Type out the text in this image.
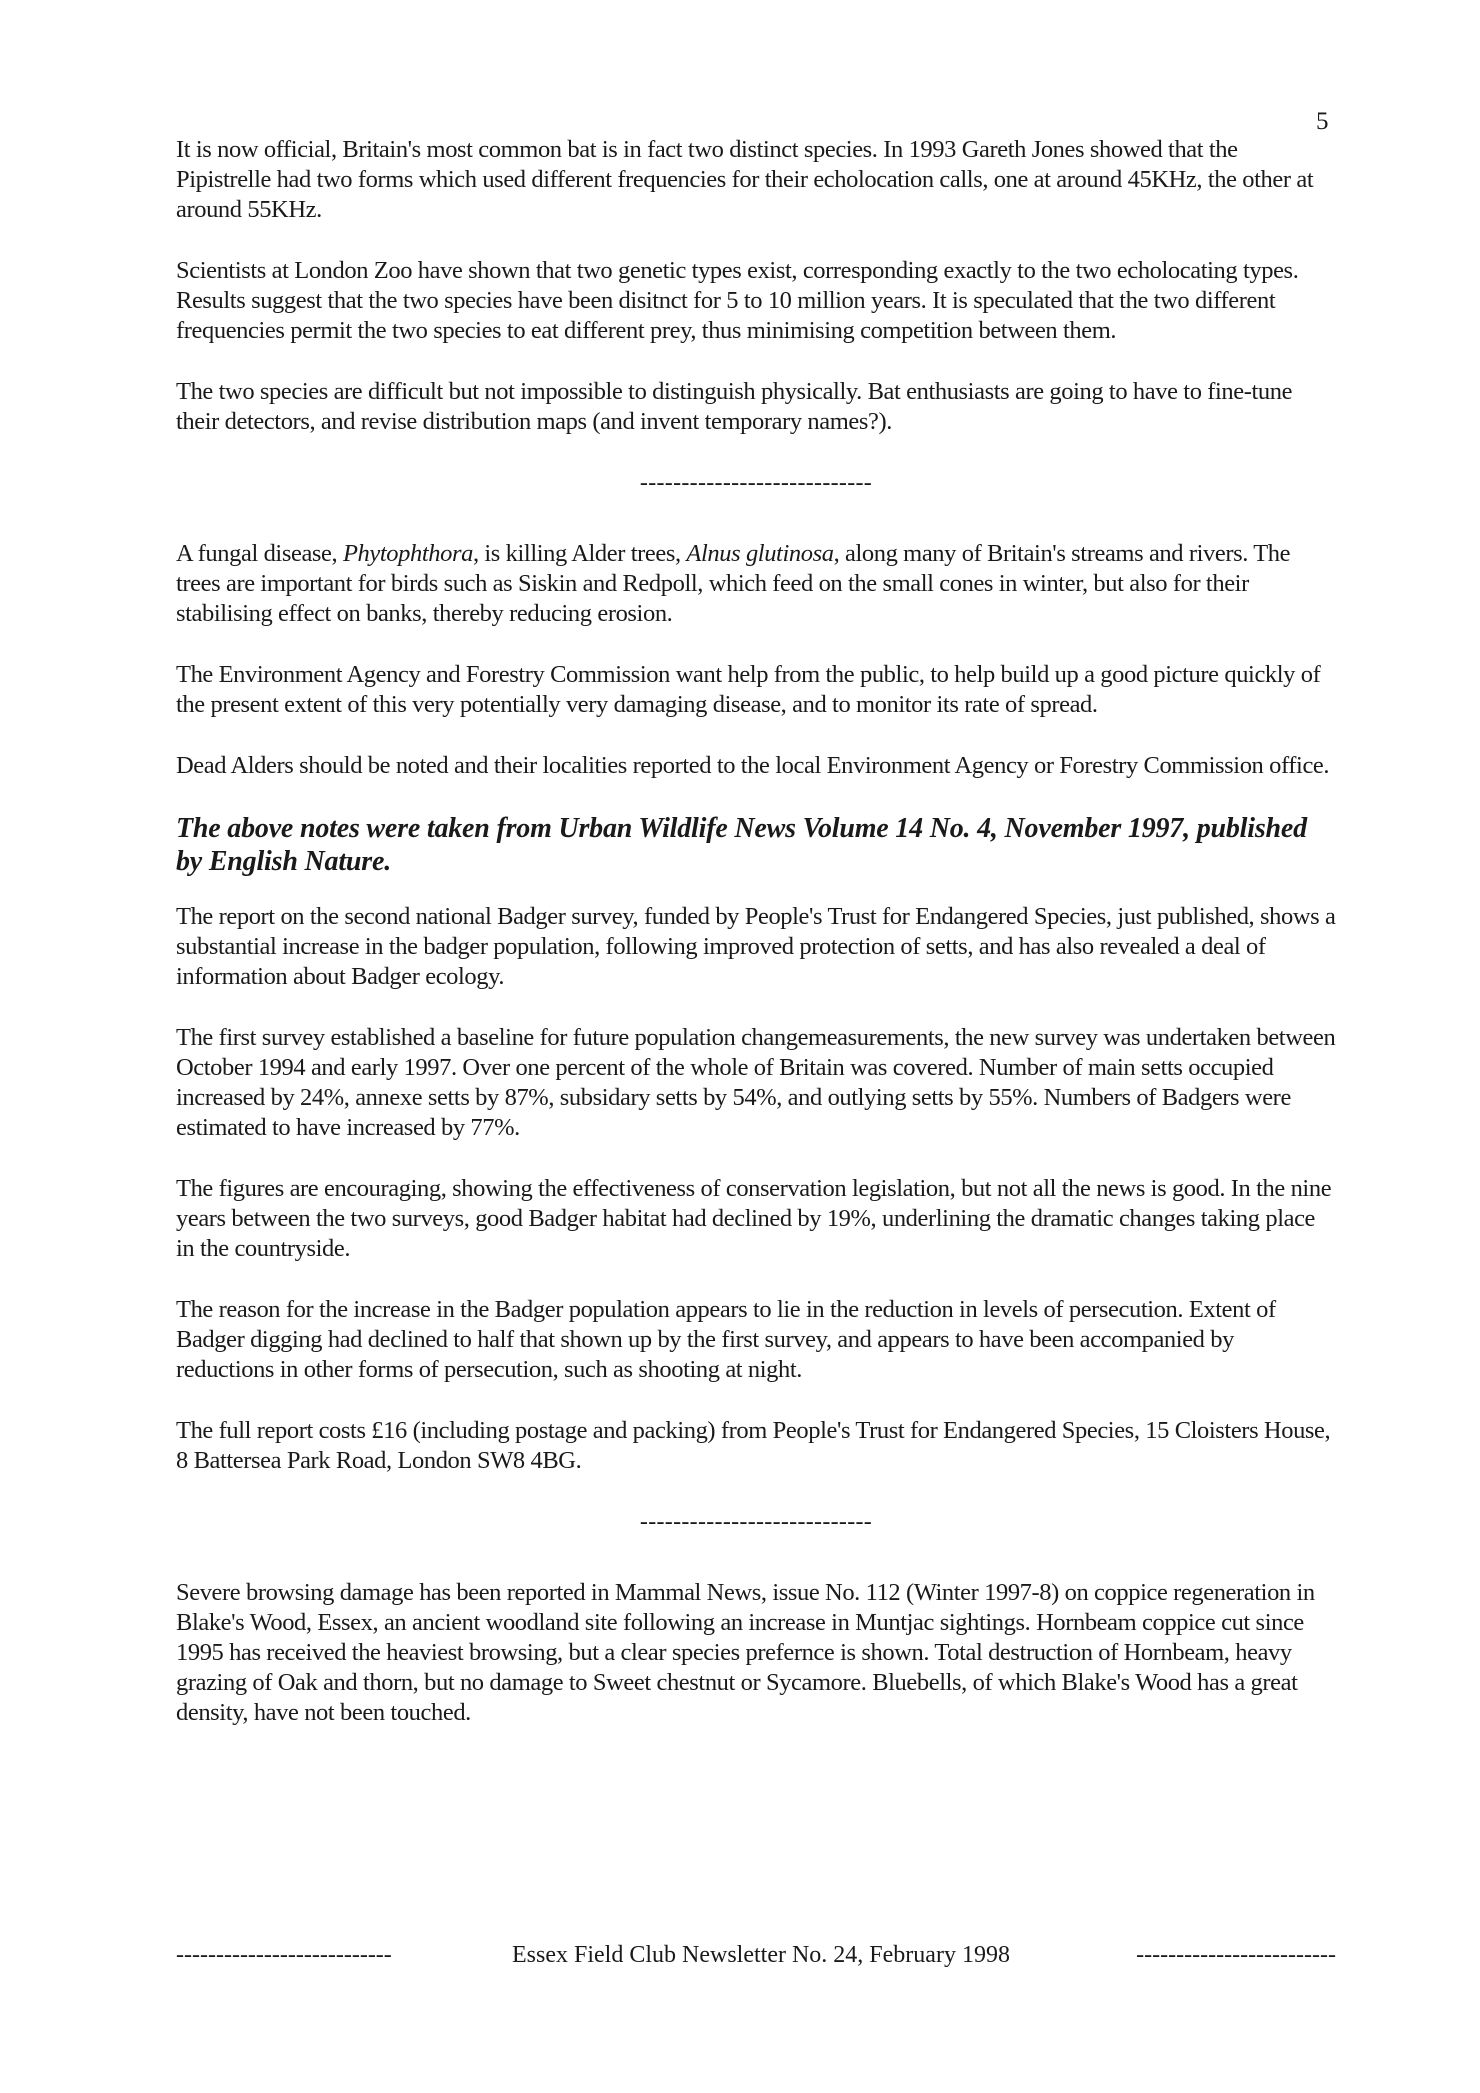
5

It is now official, Britain's most common bat is in fact two distinct species. In 1993 Gareth Jones showed that the Pipistrelle had two forms which used different frequencies for their echolocation calls, one at around 45KHz, the other at around 55KHz.

Scientists at London Zoo have shown that two genetic types exist, corresponding exactly to the two echolocating types. Results suggest that the two species have been disitnct for 5 to 10 million years. It is speculated that the two different frequencies permit the two species to eat different prey, thus minimising competition between them.

The two species are difficult but not impossible to distinguish physically. Bat enthusiasts are going to have to fine-tune their detectors, and revise distribution maps (and invent temporary names?).

----------------------------

A fungal disease, Phytophthora, is killing Alder trees, Alnus glutinosa, along many of Britain's streams and rivers. The trees are important for birds such as Siskin and Redpoll, which feed on the small cones in winter, but also for their stabilising effect on banks, thereby reducing erosion.

The Environment Agency and Forestry Commission want help from the public, to help build up a good picture quickly of the present extent of this very potentially very damaging disease, and to monitor its rate of spread.

Dead Alders should be noted and their localities reported to the local Environment Agency or Forestry Commission office.

The above notes were taken from Urban Wildlife News Volume 14 No. 4, November 1997, published by English Nature.

The report on the second national Badger survey, funded by People's Trust for Endangered Species, just published, shows a substantial increase in the badger population, following improved protection of setts, and has also revealed a deal of information about Badger ecology.

The first survey established a baseline for future population changemeasurements, the new survey was undertaken between October 1994 and early 1997. Over one percent of the whole of Britain was covered. Number of main setts occupied increased by 24%, annexe setts by 87%, subsidary setts by 54%, and outlying setts by 55%. Numbers of Badgers were estimated to have increased by 77%.

The figures are encouraging, showing the effectiveness of conservation legislation, but not all the news is good. In the nine years between the two surveys, good Badger habitat had declined by 19%, underlining the dramatic changes taking place in the countryside.

The reason for the increase in the Badger population appears to lie in the reduction in levels of persecution. Extent of Badger digging had declined to half that shown up by the first survey, and appears to have been accompanied by reductions in other forms of persecution, such as shooting at night.

The full report costs £16 (including postage and packing) from People's Trust for Endangered Species, 15 Cloisters House, 8 Battersea Park Road, London SW8 4BG.

----------------------------

Severe browsing damage has been reported in Mammal News, issue No. 112 (Winter 1997-8) on coppice regeneration in Blake's Wood, Essex, an ancient woodland site following an increase in Muntjac sightings. Hornbeam coppice cut since 1995 has received the heaviest browsing, but a clear species prefernce is shown. Total destruction of Hornbeam, heavy grazing of Oak and thorn, but no damage to Sweet chestnut or Sycamore. Bluebells, of which Blake's Wood has a great density, have not been touched.

---------------------------	Essex Field Club Newsletter No. 24, February 1998	-------------------------
